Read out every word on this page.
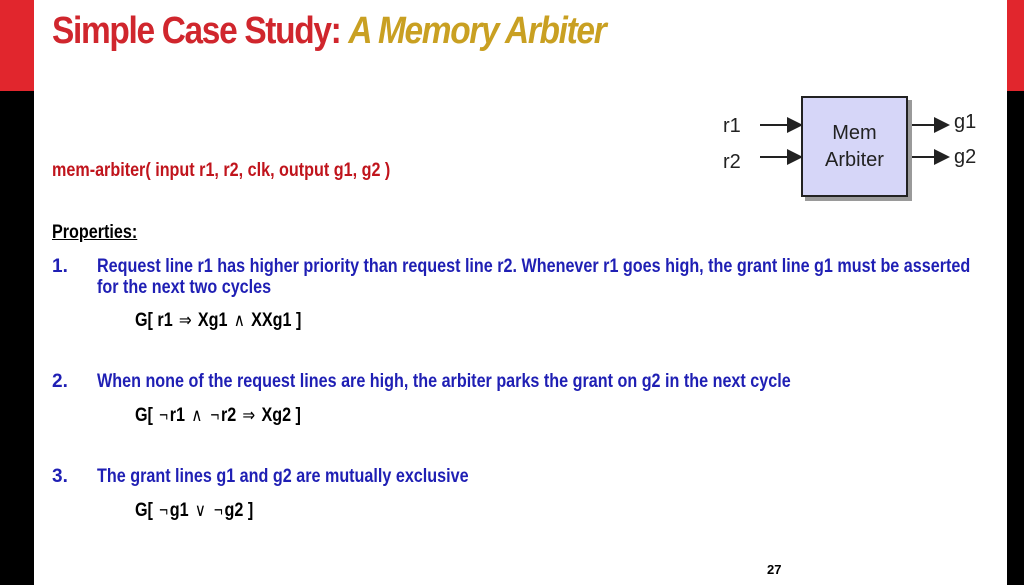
Simple Case Study: A Memory Arbiter
mem-arbiter( input r1, r2, clk, output g1, g2 )
Properties:
1. Request line r1 has higher priority than request line r2. Whenever r1 goes high, the grant line g1 must be asserted for the next two cycles
G[ r1 ⇒ Xg1 ∧ XXg1 ]
2. When none of the request lines are high, the arbiter parks the grant on g2 in the next cycle
G[ ¬r1 ∧ ¬r2 ⇒ Xg2 ]
3. The grant lines g1 and g2 are mutually exclusive
G[ ¬g1 ∨ ¬g2 ]
Mem
Arbiter
r1
r2
g1
g2
27
